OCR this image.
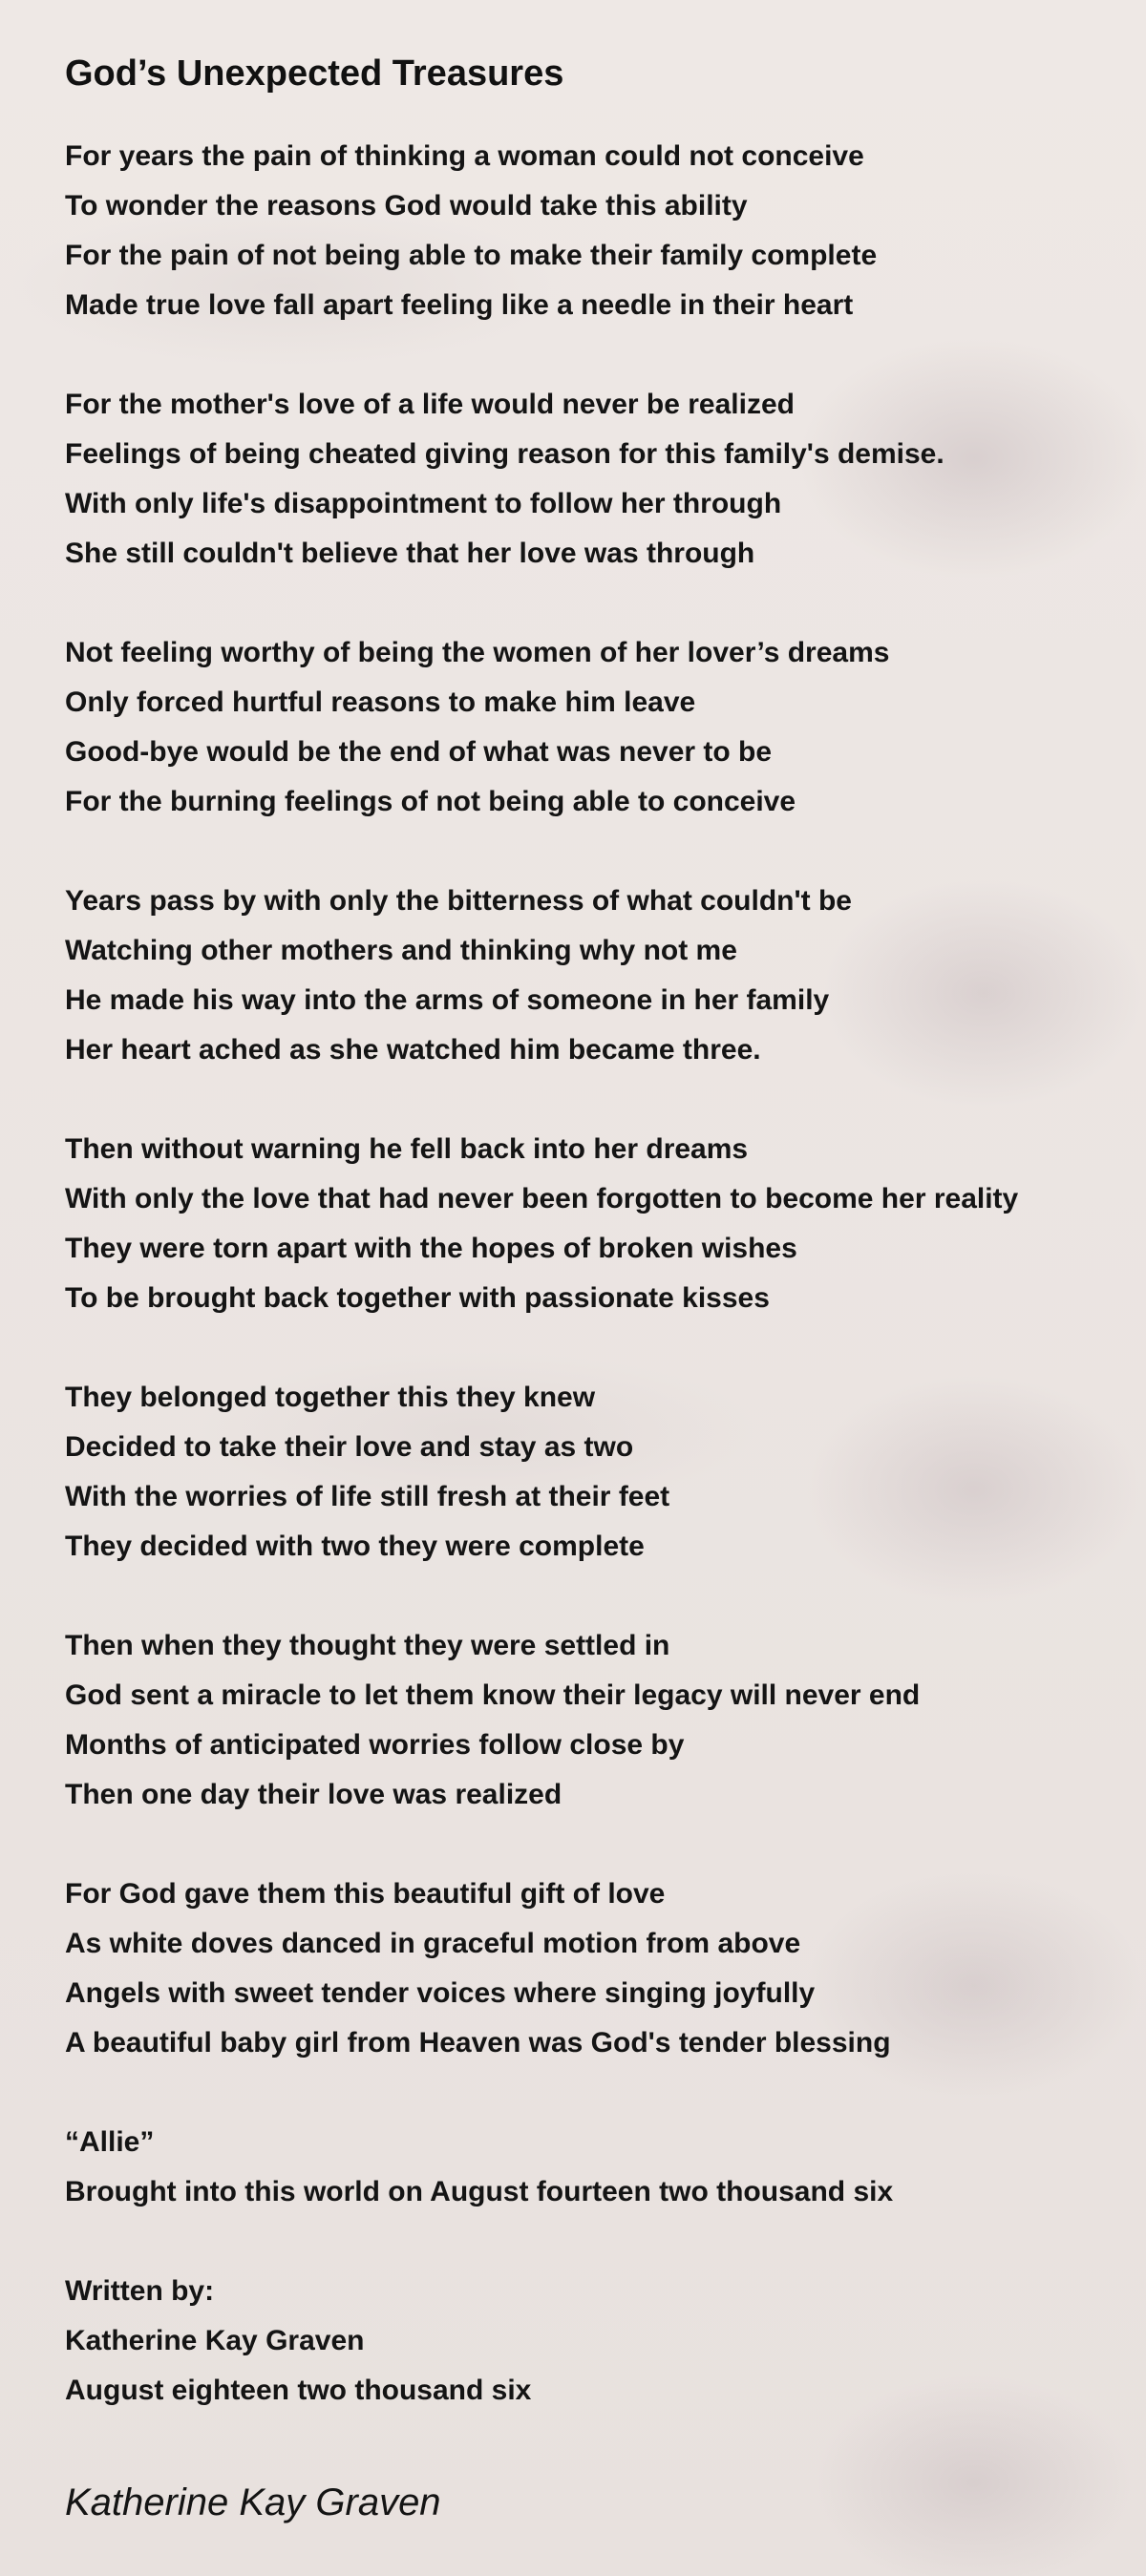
God’s Unexpected Treasures
For years the pain of thinking a woman could not conceive
To wonder the reasons God would take this ability
For the pain of not being able to make their family complete
Made true love fall apart feeling like a needle in their heart
For the mother's love of a life would never be realized
Feelings of being cheated giving reason for this family's demise.
With only life's disappointment to follow her through
She still couldn't believe that her love was through
Not feeling worthy of being the women of her lover’s dreams
Only forced hurtful reasons to make him leave
Good-bye would be the end of what was never to be
For the burning feelings of not being able to conceive
Years pass by with only the bitterness of what couldn't be
Watching other mothers and thinking why not me
He made his way into the arms of someone in her family
Her heart ached as she watched him became three.
Then without warning he fell back into her dreams
With only the love that had never been forgotten to become her reality
They were torn apart with the hopes of broken wishes
To be brought back together with passionate kisses
They belonged together this they knew
Decided to take their love and stay as two
With the worries of life still fresh at their feet
They decided with two they were complete
Then when they thought they were settled in
God sent a miracle to let them know their legacy will never end
Months of anticipated worries follow close by
Then one day their love was realized
For God gave them this beautiful gift of love
As white doves danced in graceful motion from above
Angels with sweet tender voices where singing joyfully
A beautiful baby girl from Heaven was God's tender blessing
“Allie”
Brought into this world on August fourteen two thousand six
Written by:
Katherine Kay Graven
August eighteen two thousand six
Katherine Kay Graven
